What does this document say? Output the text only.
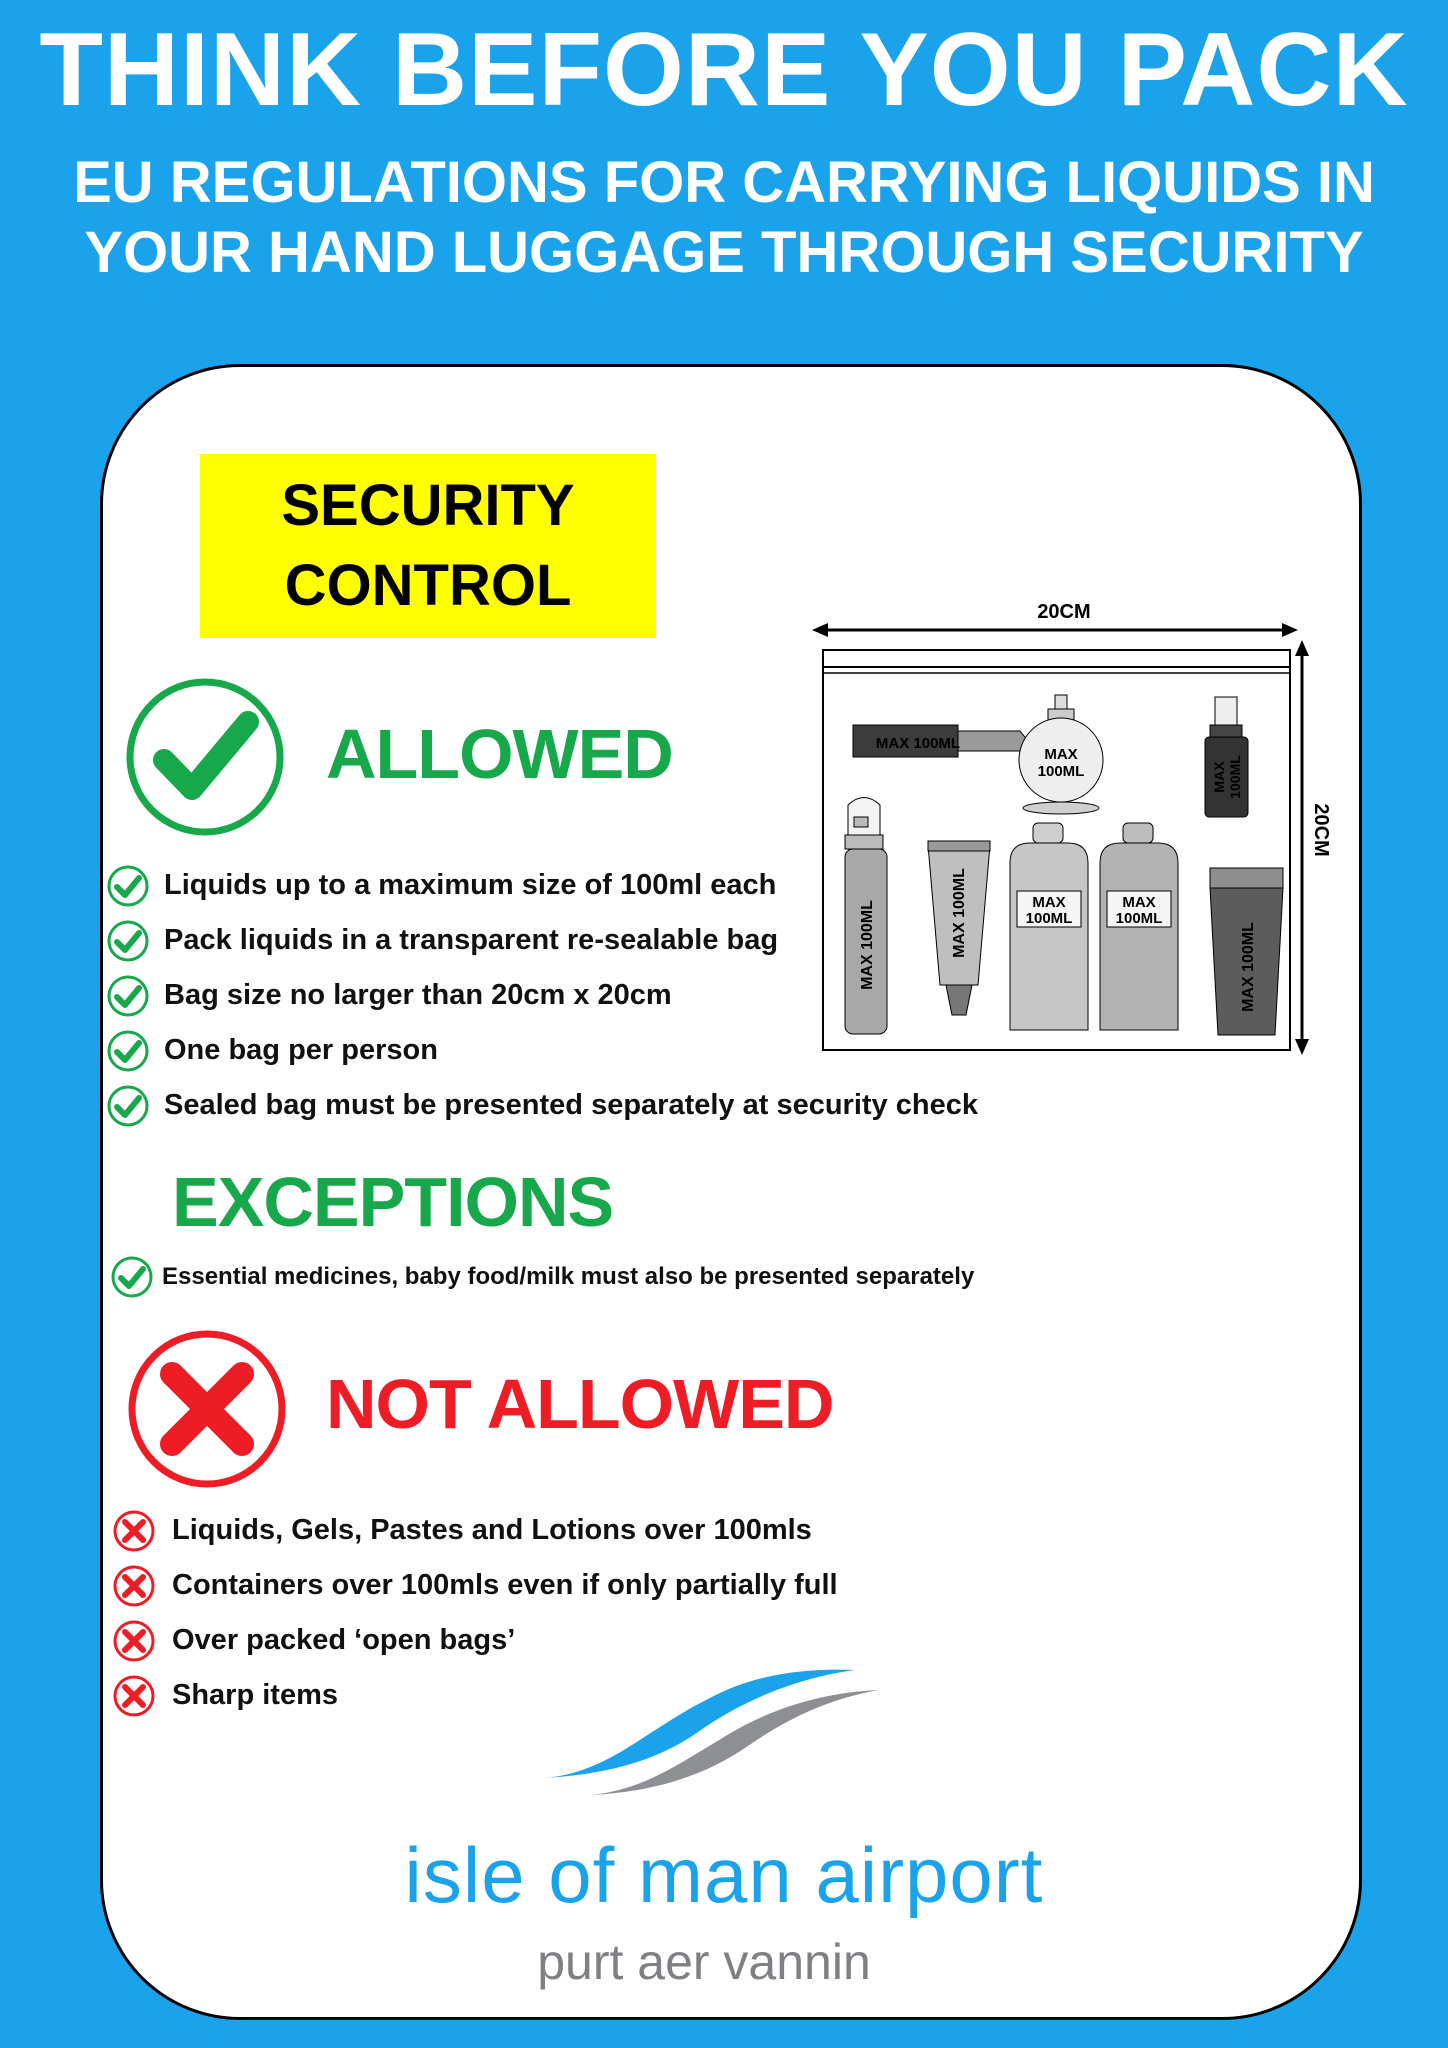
THINK BEFORE YOU PACK
EU REGULATIONS FOR CARRYING LIQUIDS IN
YOUR HAND LUGGAGE THROUGH SECURITY
SECURITY
CONTROL
ALLOWED
Liquids up to a maximum size of 100ml each
Pack liquids in a transparent re-sealable bag
Bag size no larger than 20cm x 20cm
One bag per person
Sealed bag must be presented separately at security check
EXCEPTIONS
Essential medicines, baby food/milk must also be presented separately
NOT ALLOWED
Liquids, Gels, Pastes and Lotions over 100mls
Containers over 100mls even if only partially full
Over packed ‘open bags’
Sharp items
20CM
20CM
MAX 100ML
MAX
100ML	MAX 100ML
MAX 100ML	MAX 100ML	MAX
100ML
MAX
100ML
MAX 100ML
isle of man airport
purt aer vannin
